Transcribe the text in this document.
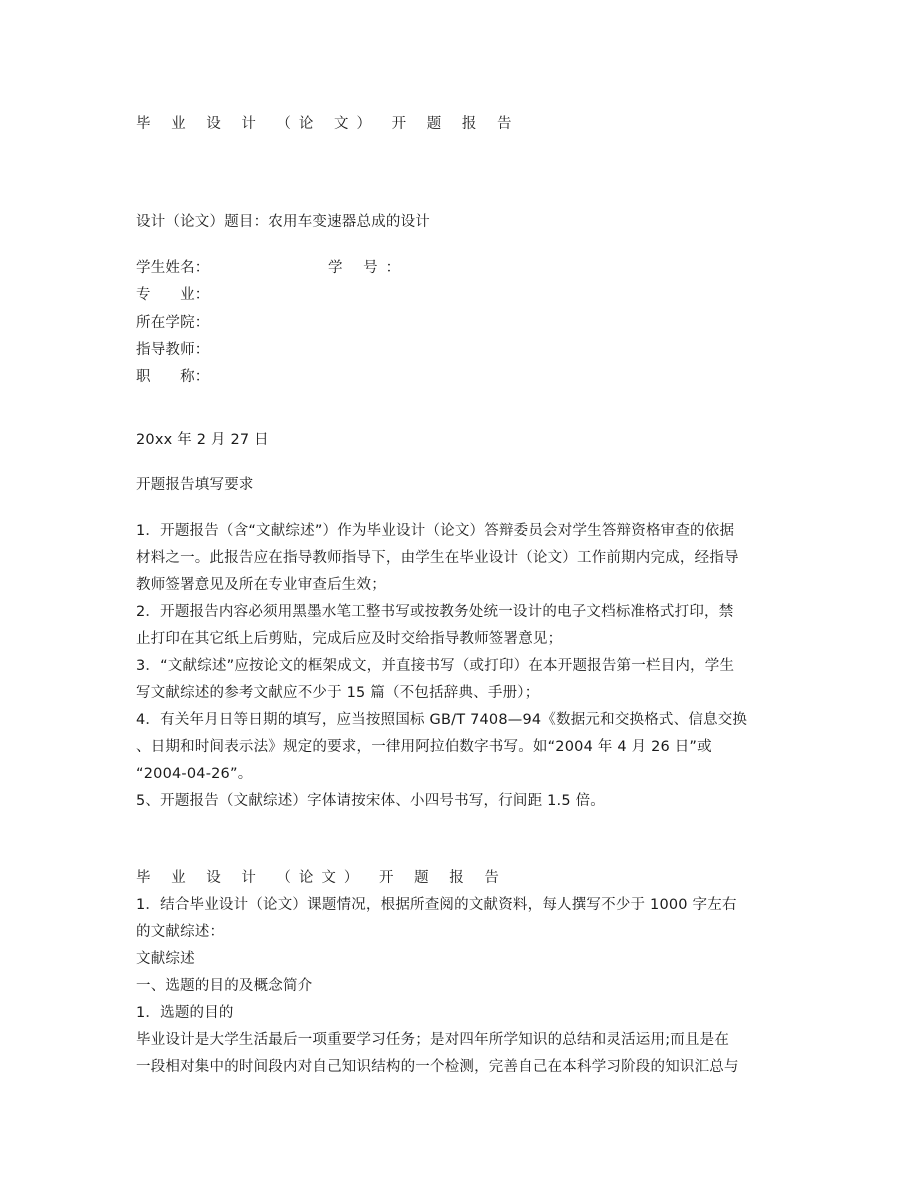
毕 业 设 计 （论 文） 开 题 报 告
设计（论文）题目：农用车变速器总成的设计
学生姓名：	学 号：
专　　业：
所在学院：
指导教师：
职　　称：
20xx 年 2 月 27 日
开题报告填写要求
1．开题报告（含“文献综述”）作为毕业设计（论文）答辩委员会对学生答辩资格审查的依据
材料之一。此报告应在指导教师指导下，由学生在毕业设计（论文）工作前期内完成，经指导
教师签署意见及所在专业审查后生效；
2．开题报告内容必须用黑墨水笔工整书写或按教务处统一设计的电子文档标准格式打印，禁
止打印在其它纸上后剪贴，完成后应及时交给指导教师签署意见；
3．“文献综述”应按论文的框架成文，并直接书写（或打印）在本开题报告第一栏目内，学生
写文献综述的参考文献应不少于 15 篇（不包括辞典、手册）；
4．有关年月日等日期的填写，应当按照国标 GB/T 7408—94《数据元和交换格式、信息交换
、日期和时间表示法》规定的要求，一律用阿拉伯数字书写。如“2004 年 4 月 26 日”或
“2004-04-26”。
5、开题报告（文献综述）字体请按宋体、小四号书写，行间距 1.5 倍。
毕 业 设 计 （论文） 开 题 报 告
1．结合毕业设计（论文）课题情况，根据所查阅的文献资料，每人撰写不少于 1000 字左右
的文献综述：
文献综述
一、选题的目的及概念简介
1．选题的目的
毕业设计是大学生活最后一项重要学习任务；是对四年所学知识的总结和灵活运用;而且是在
一段相对集中的时间段内对自己知识结构的一个检测，完善自己在本科学习阶段的知识汇总与
